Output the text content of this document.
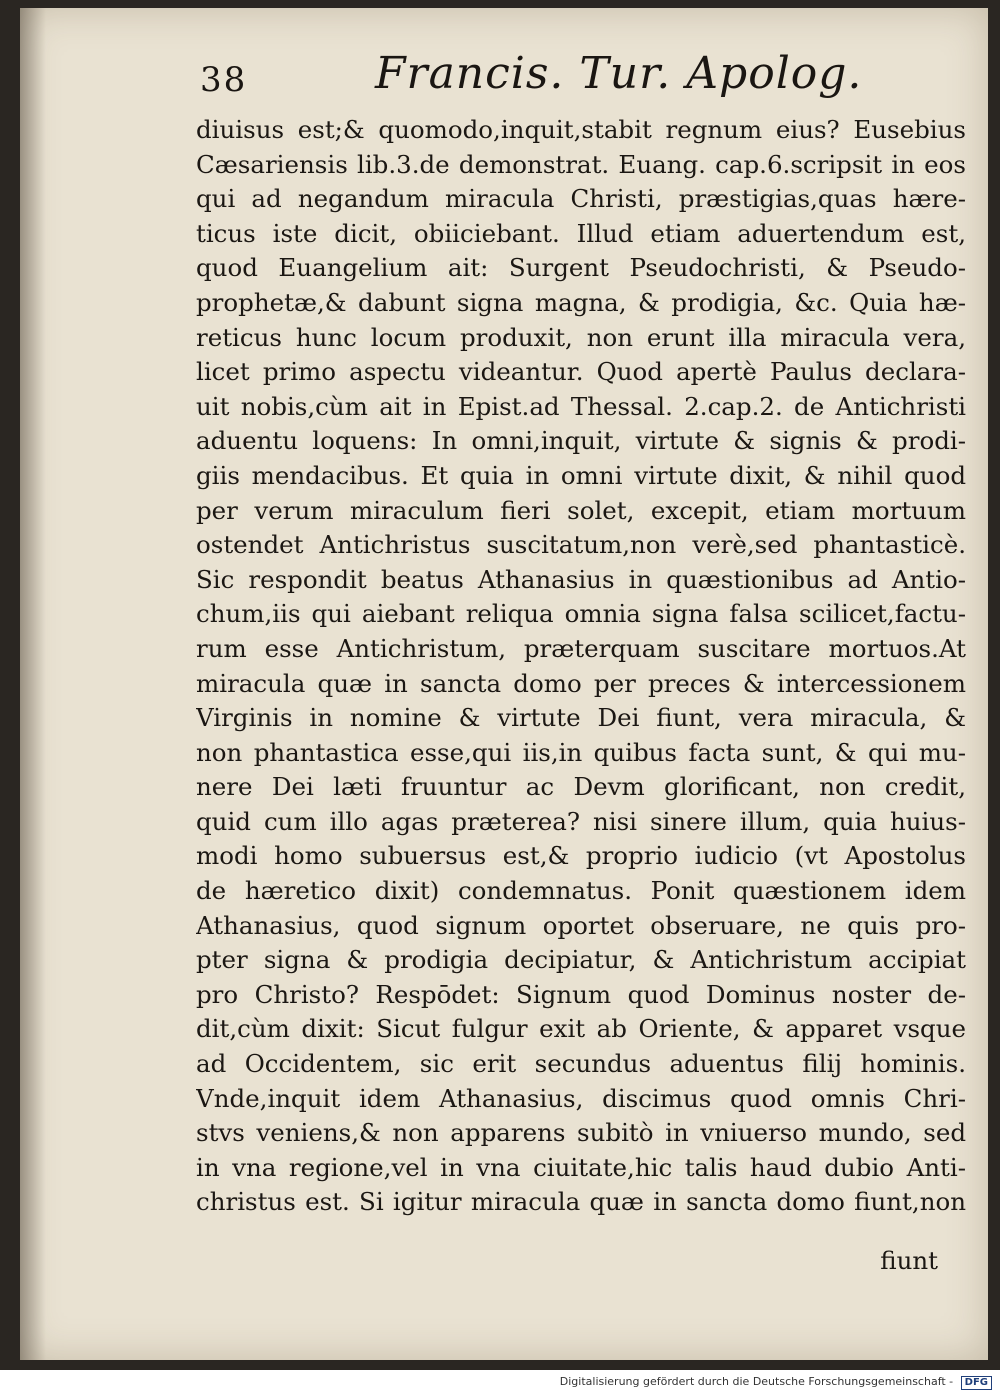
38	Francis. Tur. Apolog.
diuisus est;& quomodo,inquit,stabit regnum eius? Eusebius
Cæsariensis lib.3.de demonstrat. Euang. cap.6.scripsit in eos
qui ad negandum miracula Christi, præstigias,quas hære-
ticus iste dicit, obiiciebant. Illud etiam aduertendum est,
quod Euangelium ait: Surgent Pseudochristi, & Pseudo-
prophetæ,& dabunt signa magna, & prodigia, &c. Quia hæ-
reticus hunc locum produxit, non erunt illa miracula vera,
licet primo aspectu videantur. Quod apertè Paulus declara-
uit nobis,cùm ait in Epist.ad Thessal. 2.cap.2. de Antichristi
aduentu loquens: In omni,inquit, virtute & signis & prodi-
giis mendacibus. Et quia in omni virtute dixit, & nihil quod
per verum miraculum fieri solet, excepit, etiam mortuum
ostendet Antichristus suscitatum,non verè,sed phantasticè.
Sic respondit beatus Athanasius in quæstionibus ad Antio-
chum,iis qui aiebant reliqua omnia signa falsa scilicet,factu-
rum esse Antichristum, præterquam suscitare mortuos.At
miracula quæ in sancta domo per preces & intercessionem
Virginis in nomine & virtute Dei fiunt, vera miracula, &
non phantastica esse,qui iis,in quibus facta sunt, & qui mu-
nere Dei læti fruuntur ac Devm glorificant, non credit,
quid cum illo agas præterea? nisi sinere illum, quia huius-
modi homo subuersus est,& proprio iudicio (vt Apostolus
de hæretico dixit) condemnatus. Ponit quæstionem idem
Athanasius, quod signum oportet obseruare, ne quis pro-
pter signa & prodigia decipiatur, & Antichristum accipiat
pro Christo? Respōdet: Signum quod Dominus noster de-
dit,cùm dixit: Sicut fulgur exit ab Oriente, & apparet vsque
ad Occidentem, sic erit secundus aduentus filij hominis.
Vnde,inquit idem Athanasius, discimus quod omnis Chri-
stvs veniens,& non apparens subitò in vniuerso mundo, sed
in vna regione,vel in vna ciuitate,hic talis haud dubio Anti-
christus est. Si igitur miracula quæ in sancta domo fiunt,non
fiunt
Digitalisierung gefördert durch die Deutsche Forschungsgemeinschaft - DFG
